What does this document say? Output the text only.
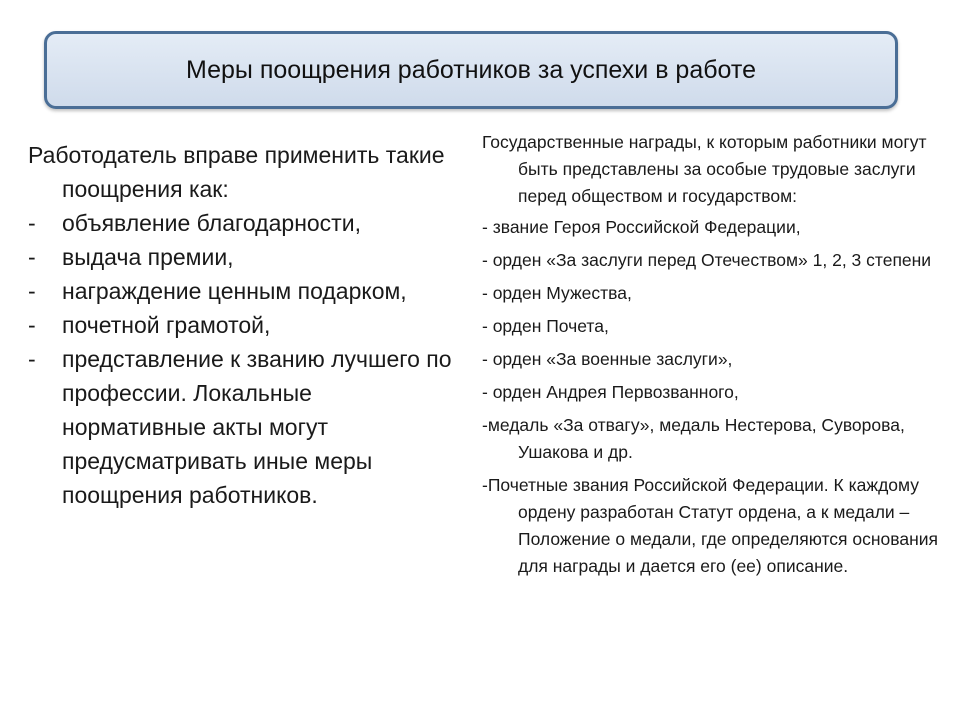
Меры поощрения работников за успехи в работе
Работодатель вправе применить такие поощрения как:
- объявление благодарности,
- выдача премии,
- награждение ценным подарком,
- почетной грамотой,
- представление к званию лучшего по профессии. Локальные нормативные акты могут предусматривать иные меры поощрения работников.
Государственные награды, к которым работники могут быть представлены за особые трудовые заслуги перед обществом и государством:
- звание Героя Российской Федерации,
- орден «За заслуги перед Отечеством» 1, 2, 3 степени
- орден Мужества,
- орден Почета,
- орден «За военные заслуги»,
- орден Андрея Первозванного,
-медаль «За отвагу», медаль Нестерова, Суворова, Ушакова и др.
-Почетные звания Российской Федерации. К каждому ордену разработан Статут ордена, а к медали – Положение о медали, где определяются основания для награды и дается его (ее) описание.
